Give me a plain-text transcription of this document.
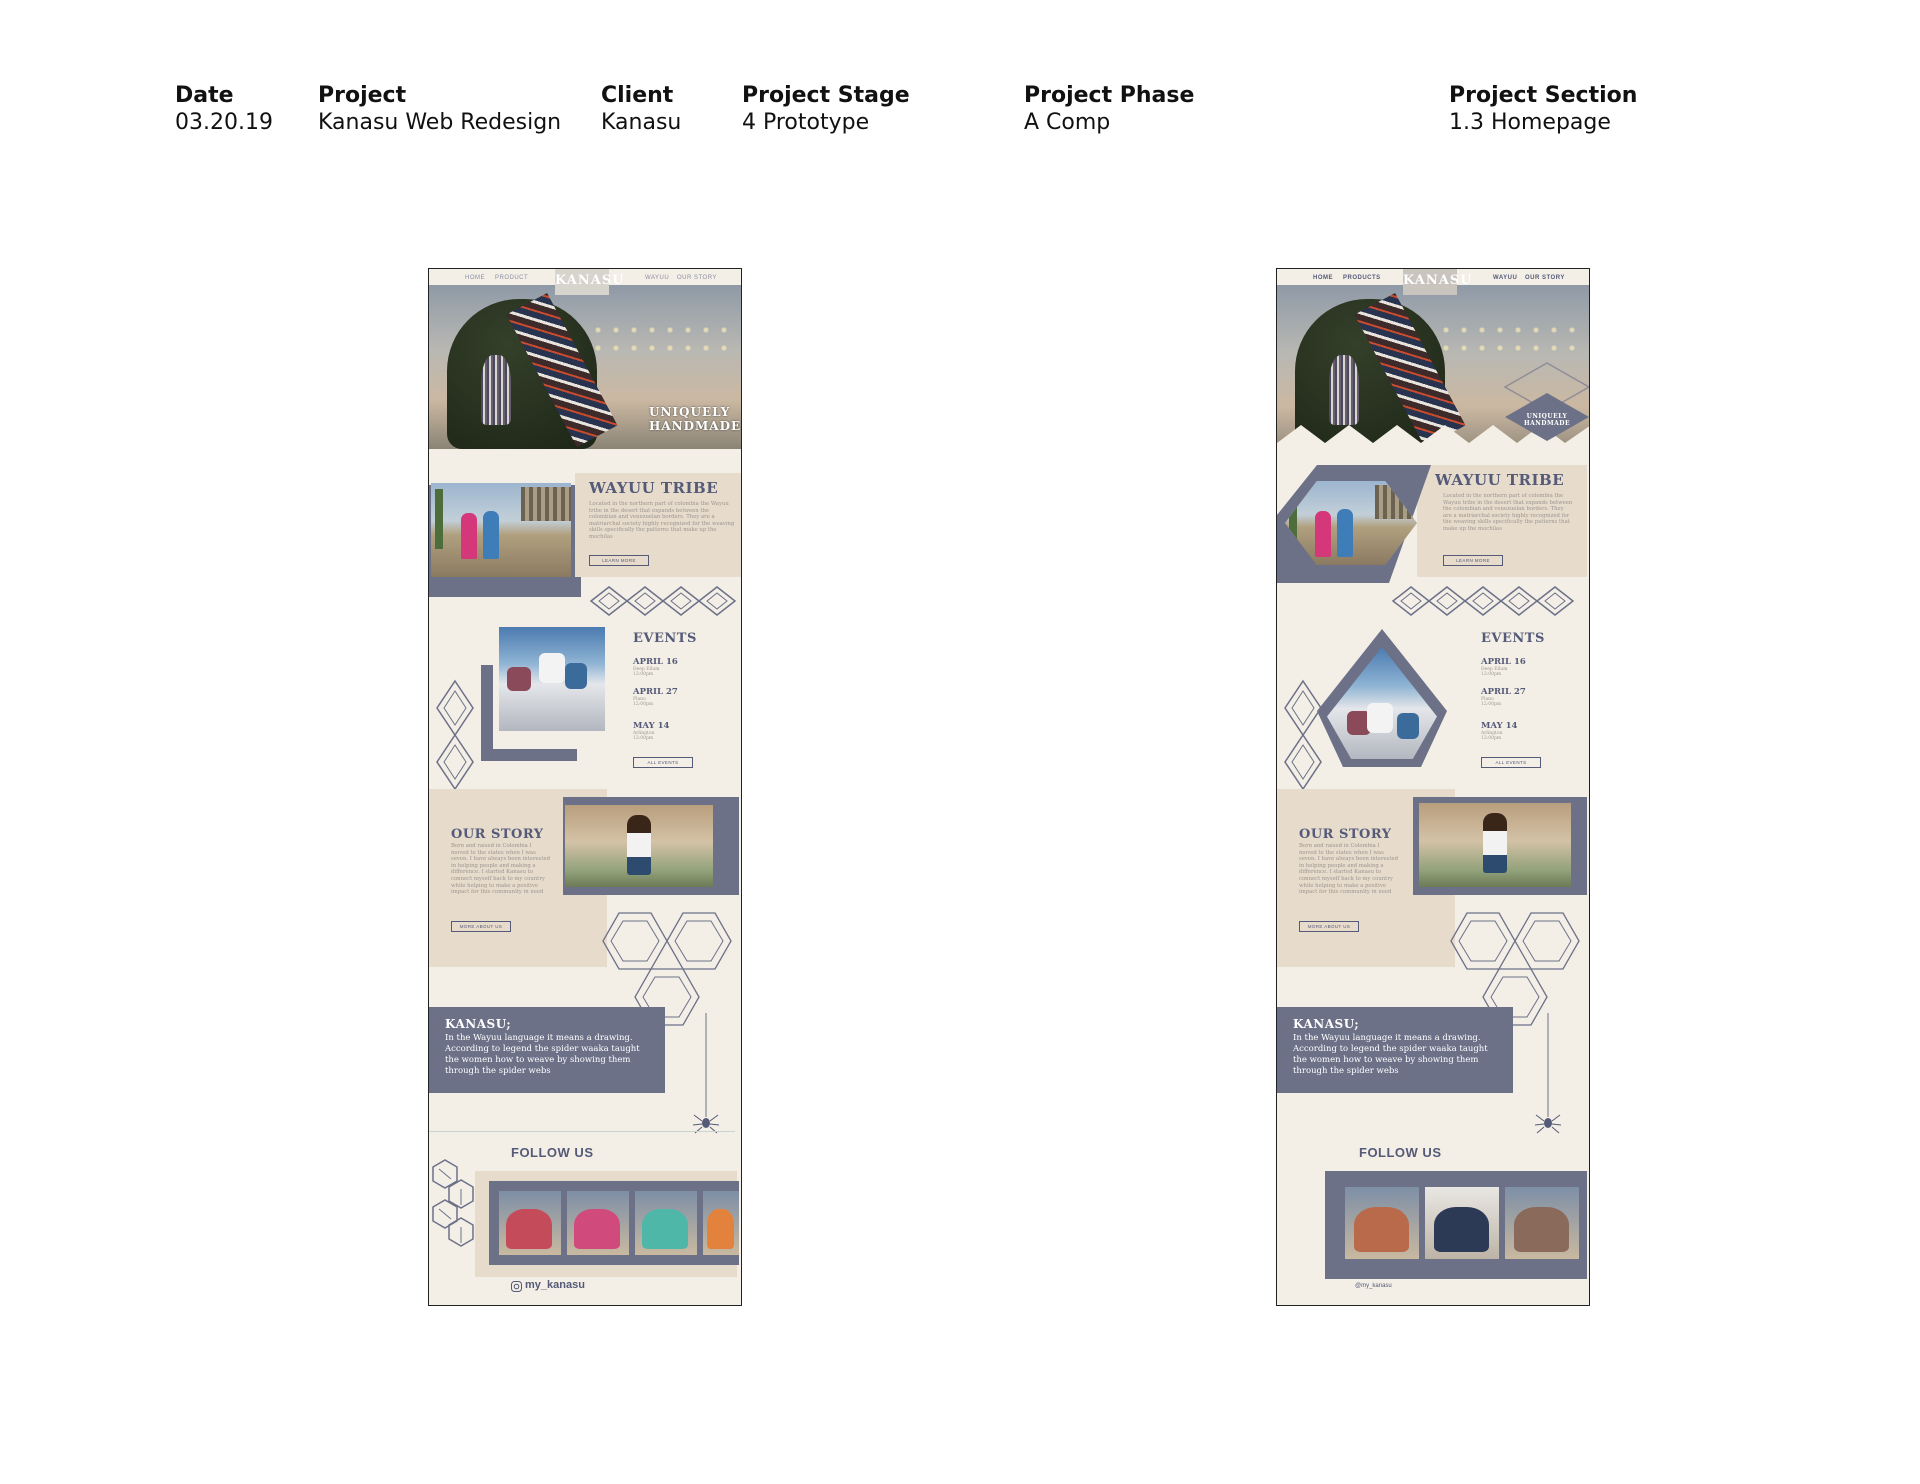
Date
03.20.19
Project
Kanasu Web Redesign
Client
Kanasu
Project Stage
4 Prototype
Project Phase
A Comp
Project Section
1.3 Homepage
UNIQUELY HANDMADE
HOME PRODUCT KANASU	WAYUU OUR STORY
WAYUU TRIBE
Located in the northern part of colombia the Wayuu tribe in the desert that expands between the colombian and venezuelan borders. They are a matriarchal society highly recognized for the weaving skills specifically the patterns that make up the mochilas
LEARN MORE
EVENTS
APRIL 16
Deep Ellum
12:00pm
APRIL 27
Plano
12:00pm
MAY 14
Arlington
12:00pm
ALL EVENTS
OUR STORY
Born and raised in Colombia I moved to the states when I was seven. I have always been interested in helping people and making a difference. I started Kanasu to connect myself back to my country while helping to make a positive impact for this community in need
MORE ABOUT US
KANASU;
In the Wayuu language it means a drawing. According to legend the spider waaka taught the women how to weave by showing them through the spider webs
FOLLOW US
my_kanasu
UNIQUELY HANDMADE
HOME PRODUCTS KANASU	WAYUU OUR STORY
WAYUU TRIBE
Located in the northern part of colombia the Wayuu tribe in the desert that expands between the colombian and venezuelan borders. They are a matriarchal society highly recognized for the weaving skills specifically the patterns that make up the mochilas
LEARN MORE
EVENTS
APRIL 16
Deep Ellum
12:00pm
APRIL 27
Plano
12:00pm
MAY 14
Arlington
12:00pm
ALL EVENTS
OUR STORY
Born and raised in Colombia I moved to the states when I was seven. I have always been interested in helping people and making a difference. I started Kanasu to connect myself back to my country while helping to make a positive impact for this community in need
MORE ABOUT US
KANASU;
In the Wayuu language it means a drawing. According to legend the spider waaka taught the women how to weave by showing them through the spider webs
FOLLOW US
@my_kanasu
